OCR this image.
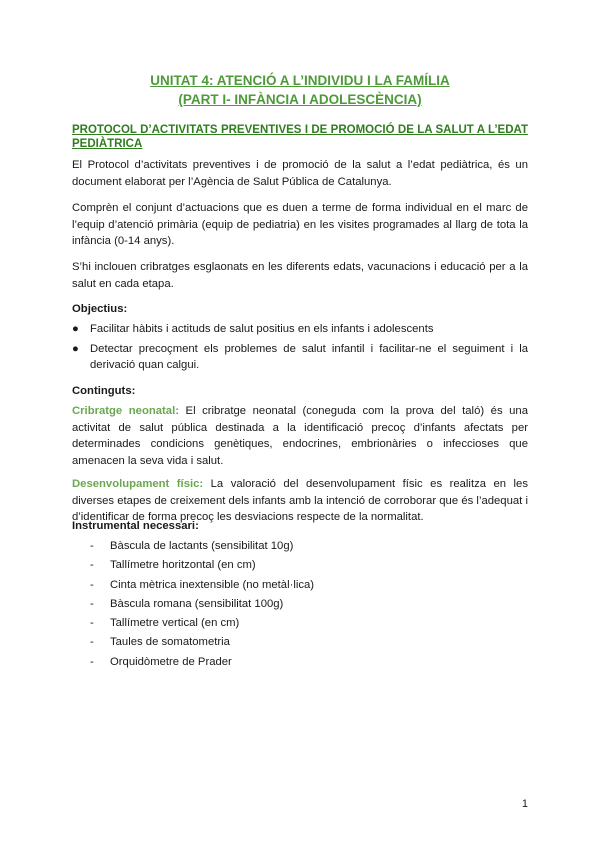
UNITAT 4: ATENCIÓ A L’INDIVIDU I LA FAMÍLIA
(PART I- INFÀNCIA I ADOLESCÈNCIA)
PROTOCOL D’ACTIVITATS PREVENTIVES I DE PROMOCIÓ DE LA SALUT A L’EDAT PEDIÀTRICA

El Protocol d’activitats preventives i de promoció de la salut a l’edat pediàtrica, és un document elaborat per l’Agència de Salut Pública de Catalunya.

Comprèn el conjunt d’actuacions que es duen a terme de forma individual en el marc de l’equip d’atenció primària (equip de pediatria) en les visites programades al llarg de tota la infància (0-14 anys).

S’hi inclouen cribratges esglaonats en les diferents edats, vacunacions i educació per a la salut en cada etapa.

Objectius:
● Facilitar hàbits i actituds de salut positius en els infants i adolescents
● Detectar precoçment els problemes de salut infantil i facilitar-ne el seguiment i la derivació quan calgui.
Continguts:

Cribratge neonatal: El cribratge neonatal (coneguda com la prova del taló) és una activitat de salut pública destinada a la identificació precoç d’infants afectats per determinades condicions genètiques, endocrines, embrionàries o infeccioses que amenacen la seva vida i salut.

Desenvolupament físic: La valoració del desenvolupament físic es realitza en les diverses etapes de creixement dels infants amb la intenció de corroborar que és l’adequat i d’identificar de forma precoç les desviacions respecte de la normalitat.

Instrumental necessari:
- Bàscula de lactants (sensibilitat 10g)
- Tallímetre horitzontal (en cm)
- Cinta mètrica inextensible (no metàl·lica)
- Bàscula romana (sensibilitat 100g)
- Tallímetre vertical (en cm)
- Taules de somatometria
- Orquidòmetre de Prader
1
